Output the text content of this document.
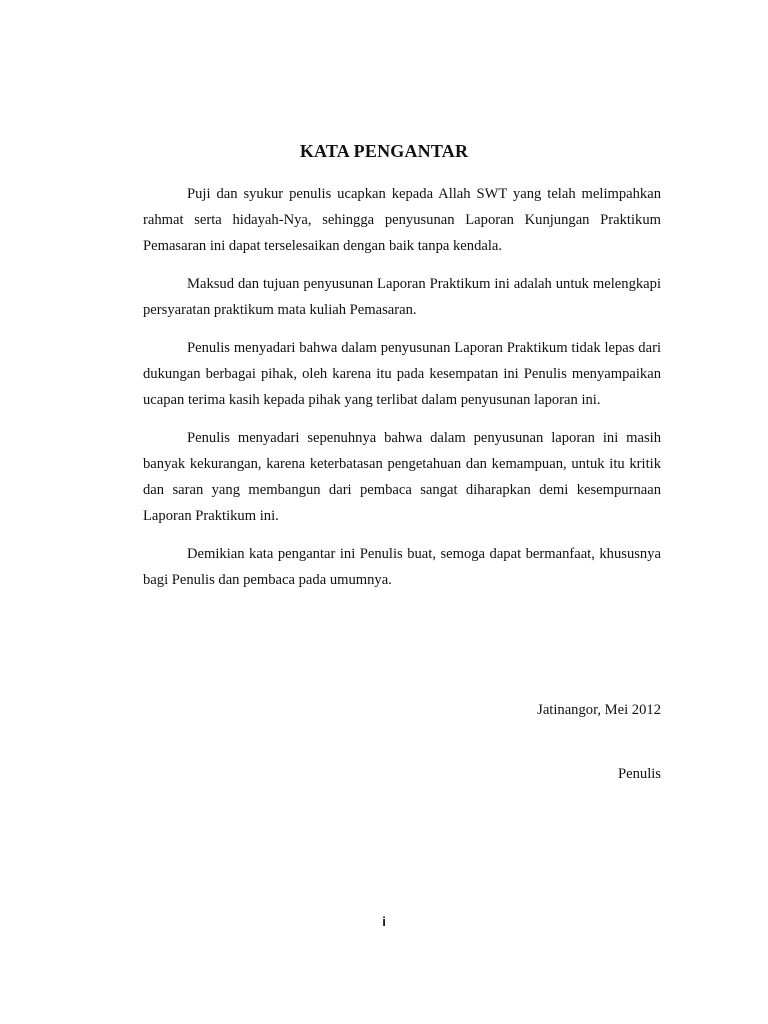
KATA PENGANTAR

Puji dan syukur penulis ucapkan kepada Allah SWT yang telah melimpahkan rahmat serta hidayah-Nya, sehingga penyusunan Laporan Kunjungan Praktikum Pemasaran ini dapat terselesaikan dengan baik tanpa kendala.

Maksud dan tujuan penyusunan Laporan Praktikum ini adalah untuk melengkapi persyaratan praktikum mata kuliah Pemasaran.

Penulis menyadari bahwa dalam penyusunan Laporan Praktikum tidak lepas dari dukungan berbagai pihak, oleh karena itu pada kesempatan ini Penulis menyampaikan ucapan terima kasih kepada pihak yang terlibat dalam penyusunan laporan ini.

Penulis menyadari sepenuhnya bahwa dalam penyusunan laporan ini masih banyak kekurangan, karena keterbatasan pengetahuan dan kemampuan, untuk itu kritik dan saran yang membangun dari pembaca sangat diharapkan demi kesempurnaan Laporan Praktikum ini.

Demikian kata pengantar ini Penulis buat, semoga dapat bermanfaat, khususnya bagi Penulis dan pembaca pada umumnya.

Jatinangor, Mei 2012
Penulis
i
